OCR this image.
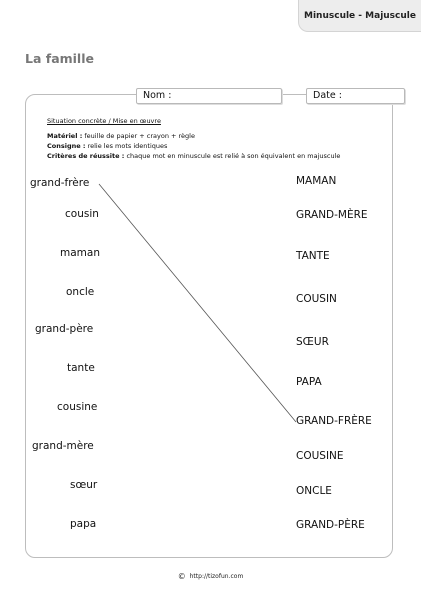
Minuscule - Majuscule
La famille
Nom :	Date :
Situation concrète / Mise en œuvre
Matériel : feuille de papier + crayon + règle
Consigne : relie les mots identiques
Critères de réussite : chaque mot en minuscule est relié à son équivalent en majuscule
grand-frère
cousin
maman
oncle
grand-père
tante
cousine
grand-mère
sœur
papa
MAMAN
GRAND-MÈRE
TANTE
COUSIN
SŒUR
PAPA
GRAND-FRÈRE
COUSINE
ONCLE
GRAND-PÈRE
© http://tizofun.com
